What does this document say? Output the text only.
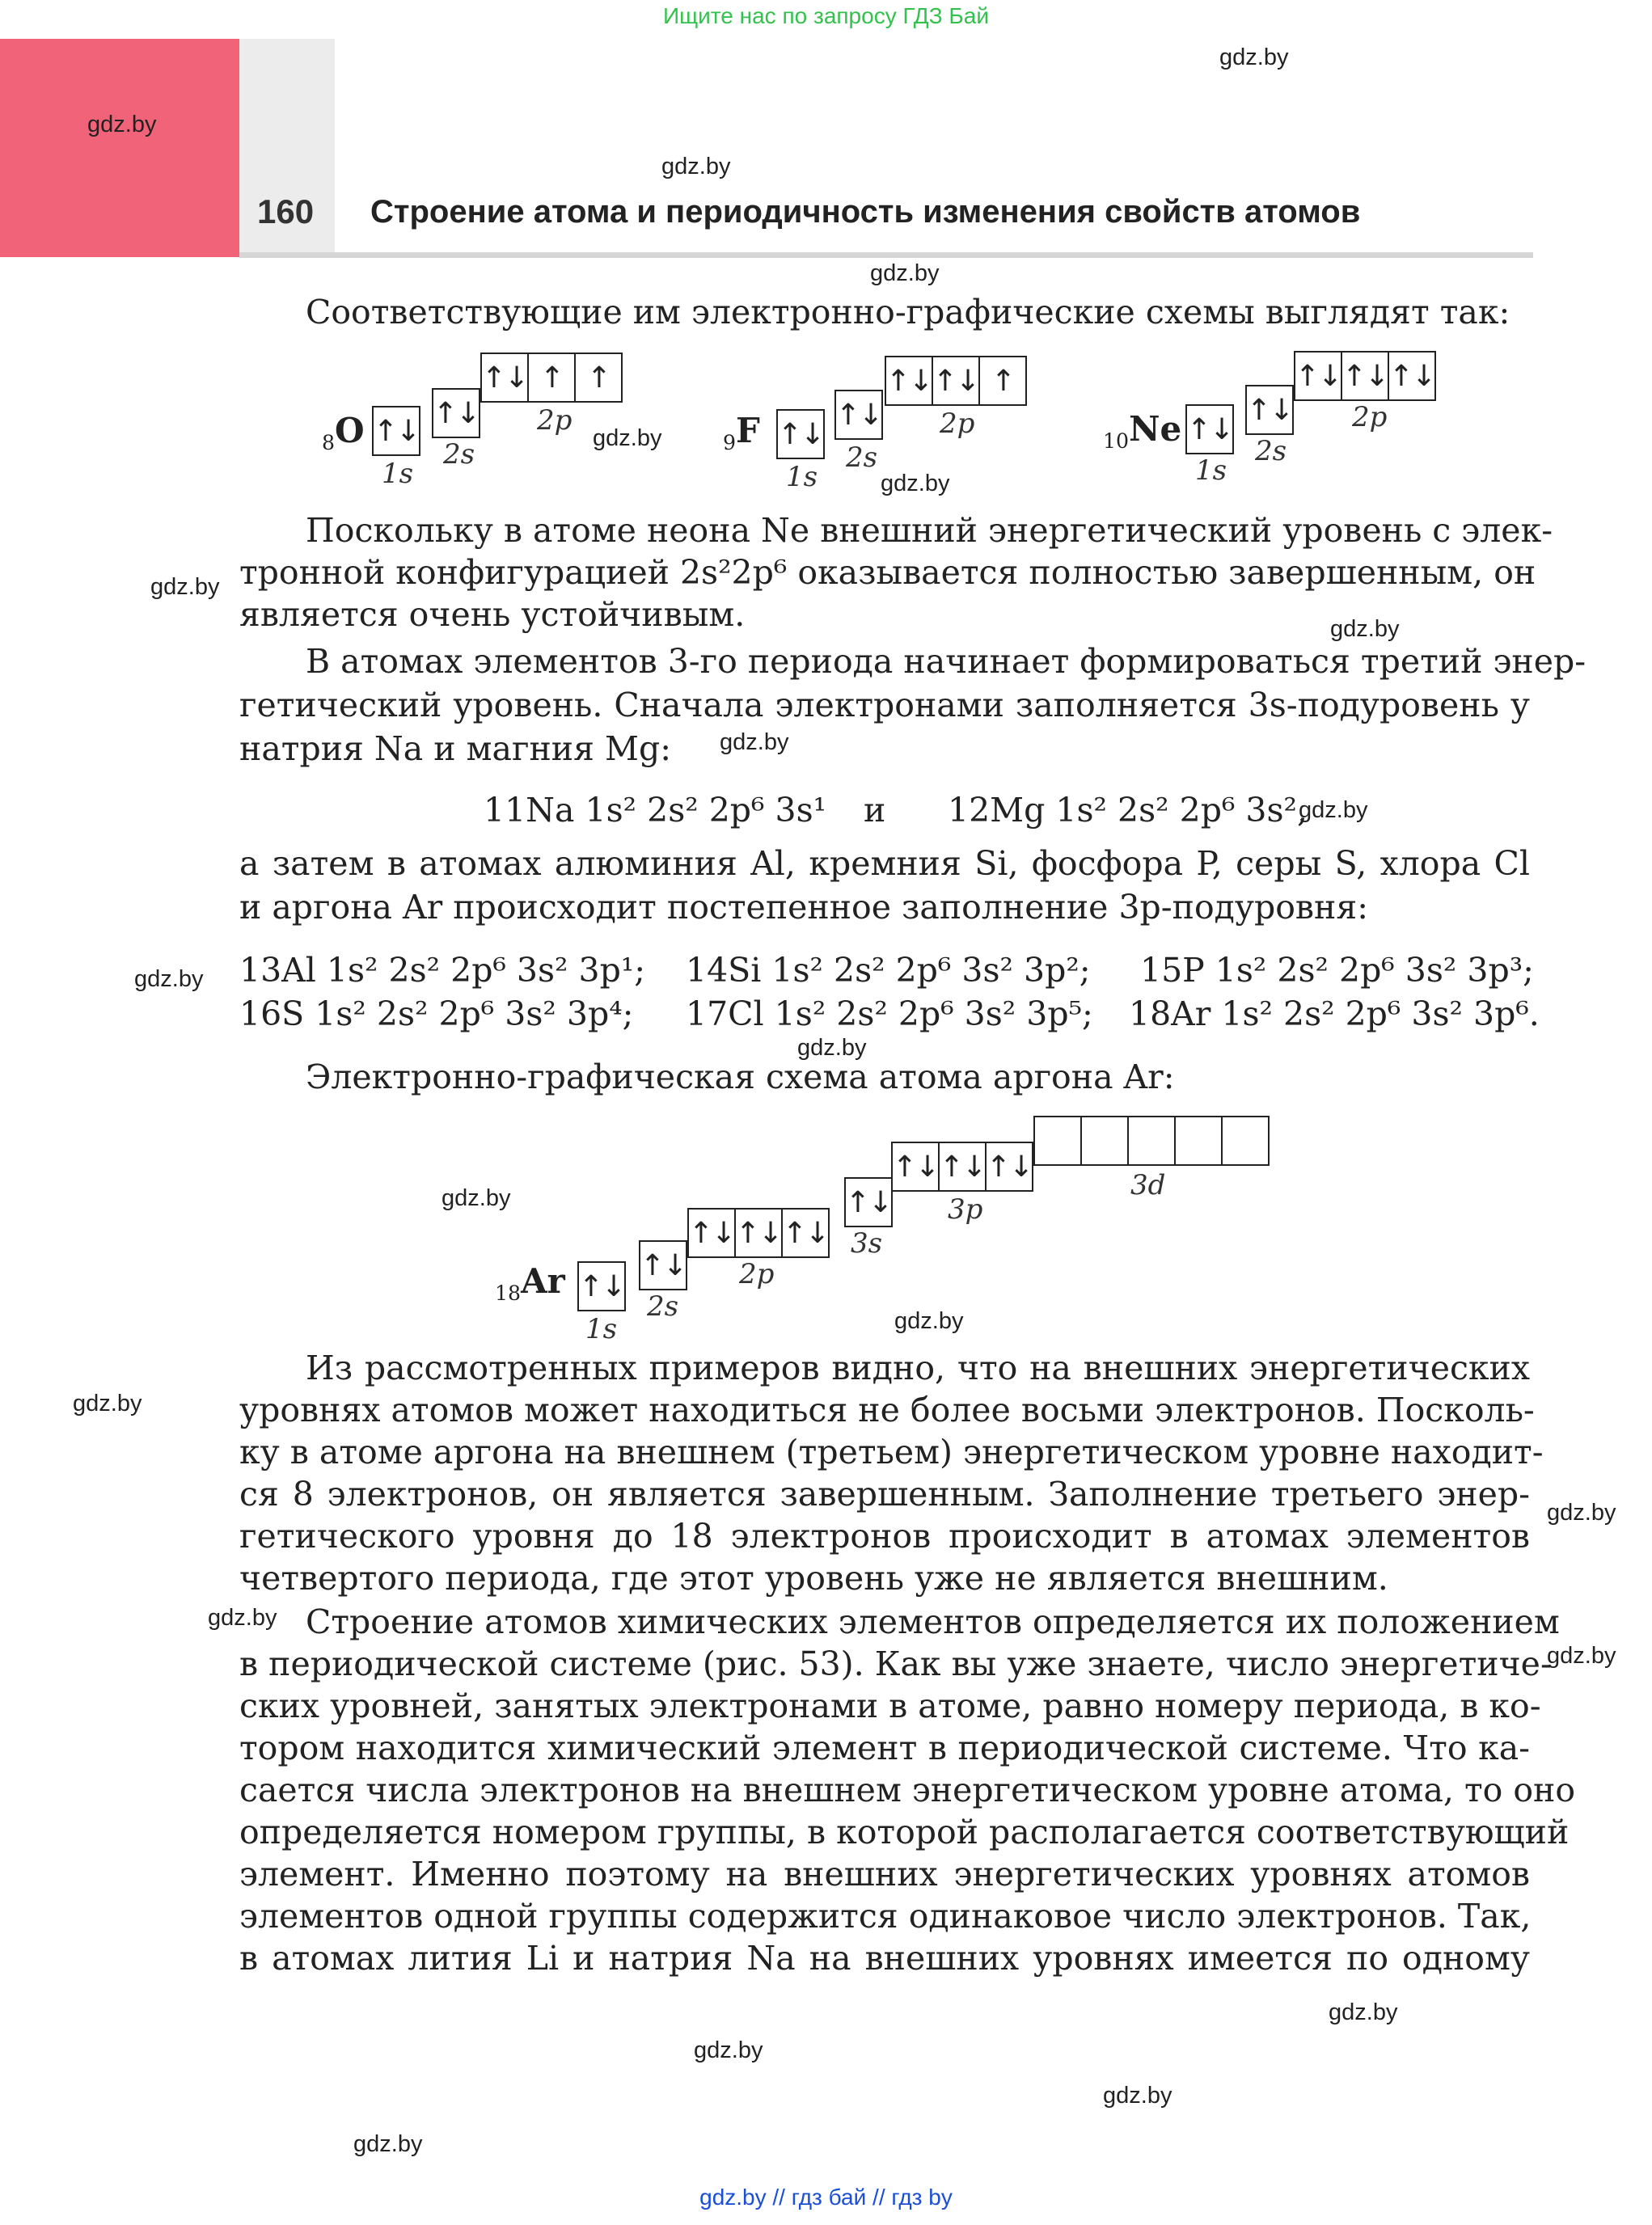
Ищите нас по запросу ГДЗ Бай
160 Строение атома и периодичность изменения свойств атомов
gdz.by
gdz.by
gdz.by
gdz.by
gdz.by
gdz.by
gdz.by
gdz.by
gdz.by
gdz.by
gdz.by
gdz.by
gdz.by
gdz.by
gdz.by
gdz.by
gdz.by
gdz.by
gdz.by
gdz.by
gdz.by
gdz.by
Соответствующие им электронно-графические схемы выглядят так:
$_8$O ↑↓
1s
↑↓
2s
↑↓ ↑ ↑
2p
$_9$F ↑↓
1s
↑↓
2s
↑↓ ↑↓ ↑
2p
$_{10}$Ne ↑↓
1s
↑↓
2s
↑↓ ↑↓ ↑↓
2p
Поскольку в атоме неона Ne внешний энергетический уровень с элек-
тронной конфигурацией 2s²2p⁶ оказывается полностью завершенным, он
является очень устойчивым.
В атомах элементов 3-го периода начинает формироваться третий энер-
гетический уровень. Сначала электронами заполняется 3s-подуровень у
натрия Na и магния Mg:
11Na 1s² 2s² 2p⁶ 3s¹ и 12Mg 1s² 2s² 2p⁶ 3s²,
а затем в атомах алюминия Al, кремния Si, фосфора P, серы S, хлора Cl
и аргона Ar происходит постепенное заполнение 3p-подуровня:
13Al 1s² 2s² 2p⁶ 3s² 3p¹; 14Si 1s² 2s² 2p⁶ 3s² 3p²; 15P 1s² 2s² 2p⁶ 3s² 3p³;
16S 1s² 2s² 2p⁶ 3s² 3p⁴; 17Cl 1s² 2s² 2p⁶ 3s² 3p⁵; 18Ar 1s² 2s² 2p⁶ 3s² 3p⁶.
Электронно-графическая схема атома аргона Ar:
$_{18}$Ar ↑↓
1s
↑↓
2s
↑↓ ↑↓ ↑↓
2p
↑↓
3s
↑↓ ↑↓ ↑↓
3p
3d
Из рассмотренных примеров видно, что на внешних энергетических
уровнях атомов может находиться не более восьми электронов. Посколь-
ку в атоме аргона на внешнем (третьем) энергетическом уровне находит-
ся 8 электронов, он является завершенным. Заполнение третьего энер-
гетического уровня до 18 электронов происходит в атомах элементов
четвертого периода, где этот уровень уже не является внешним.
Строение атомов химических элементов определяется их положением
в периодической системе (рис. 53). Как вы уже знаете, число энергетиче-
ских уровней, занятых электронами в атоме, равно номеру периода, в ко-
тором находится химический элемент в периодической системе. Что ка-
сается числа электронов на внешнем энергетическом уровне атома, то оно
определяется номером группы, в которой располагается соответствующий
элемент. Именно поэтому на внешних энергетических уровнях атомов
элементов одной группы содержится одинаковое число электронов. Так,
в атомах лития Li и натрия Na на внешних уровнях имеется по одному
gdz.by // гдз бай // гдз by
